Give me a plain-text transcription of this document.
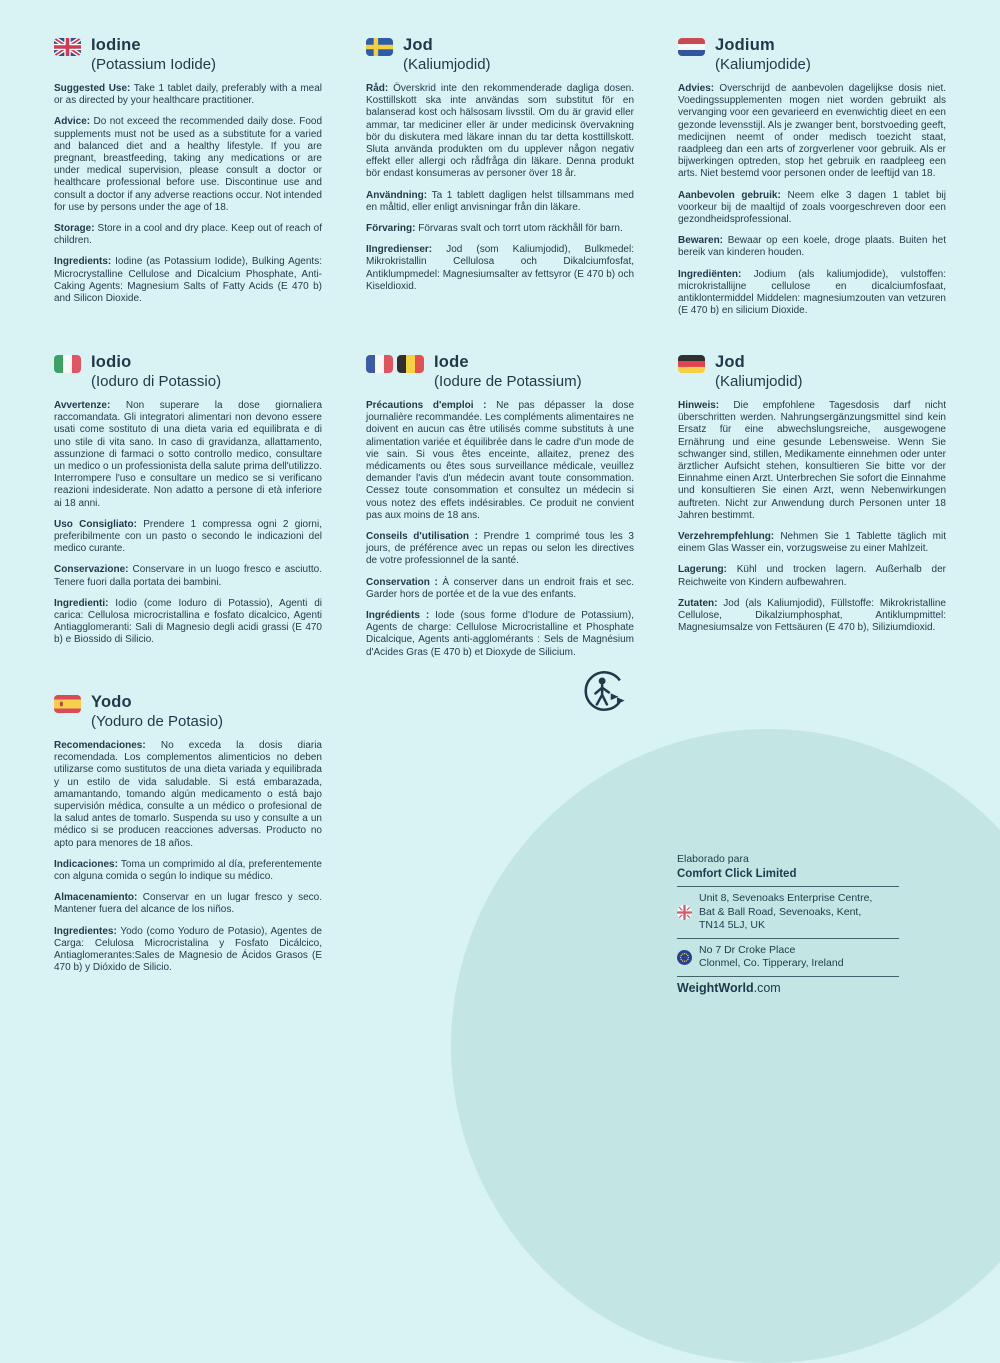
Iodine
(Potassium Iodide)

Suggested Use: Take 1 tablet daily, preferably with a meal or as directed by your healthcare practitioner.

Advice: Do not exceed the recommended daily dose. Food supplements must not be used as a substitute for a varied and balanced diet and a healthy lifestyle. If you are pregnant, breastfeeding, taking any medications or are under medical supervision, please consult a doctor or healthcare professional before use. Discontinue use and consult a doctor if any adverse reactions occur. Not intended for use by persons under the age of 18.

Storage: Store in a cool and dry place. Keep out of reach of children.

Ingredients: Iodine (as Potassium Iodide), Bulking Agents: Microcrystalline Cellulose and Dicalcium Phosphate, Anti-Caking Agents: Magnesium Salts of Fatty Acids (E 470 b) and Silicon Dioxide.

Jod
(Kaliumjodid)

Råd: Överskrid inte den rekommenderade dagliga dosen. Kosttillskott ska inte användas som substitut för en balanserad kost och hälsosam livsstil. Om du är gravid eller ammar, tar mediciner eller är under medicinsk övervakning bör du diskutera med läkare innan du tar detta kosttillskott. Sluta använda produkten om du upplever någon negativ effekt eller allergi och rådfråga din läkare. Denna produkt bör endast konsumeras av personer över 18 år.

Användning: Ta 1 tablett dagligen helst tillsammans med en måltid, eller enligt anvisningar från din läkare.

Förvaring: Förvaras svalt och torrt utom räckhåll för barn.

IIngredienser: Jod (som Kaliumjodid), Bulkmedel: Mikrokristallin Cellulosa och Dikalciumfosfat, Antiklumpmedel: Magnesiumsalter av fettsyror (E 470 b) och Kiseldioxid.

Jodium
(Kaliumjodide)

Advies: Overschrijd de aanbevolen dagelijkse dosis niet. Voedingssupplementen mogen niet worden gebruikt als vervanging voor een gevarieerd en evenwichtig dieet en een gezonde levensstijl. Als je zwanger bent, borstvoeding geeft, medicijnen neemt of onder medisch toezicht staat, raadpleeg dan een arts of zorgverlener voor gebruik. Als er bijwerkingen optreden, stop het gebruik en raadpleeg een arts. Niet bestemd voor personen onder de leeftijd van 18.

Aanbevolen gebruik: Neem elke 3 dagen 1 tablet bij voorkeur bij de maaltijd of zoals voorgeschreven door een gezondheidsprofessional.

Bewaren: Bewaar op een koele, droge plaats. Buiten het bereik van kinderen houden.

Ingrediënten: Jodium (als kaliumjodide), vulstoffen: microkristallijne cellulose en dicalciumfosfaat, antiklontermiddel Middelen: magnesiumzouten van vetzuren (E 470 b) en silicium Dioxide.

Iodio
(Ioduro di Potassio)

Avvertenze: Non superare la dose giornaliera raccomandata. Gli integratori alimentari non devono essere usati come sostituto di una dieta varia ed equilibrata e di uno stile di vita sano. In caso di gravidanza, allattamento, assunzione di farmaci o sotto controllo medico, consultare un medico o un professionista della salute prima dell'utilizzo. Interrompere l'uso e consultare un medico se si verificano reazioni indesiderate. Non adatto a persone di età inferiore ai 18 anni.

Uso Consigliato: Prendere 1 compressa ogni 2 giorni, preferibilmente con un pasto o secondo le indicazioni del medico curante.

Conservazione: Conservare in un luogo fresco e asciutto. Tenere fuori dalla portata dei bambini.

Ingredienti: Iodio (come Ioduro di Potassio), Agenti di carica: Cellulosa microcristallina e fosfato dicalcico, Agenti Antiagglomeranti: Sali di Magnesio degli acidi grassi (E 470 b) e Biossido di Silicio.

Iode
(Iodure de Potassium)

Précautions d'emploi : Ne pas dépasser la dose journalière recommandée. Les compléments alimentaires ne doivent en aucun cas être utilisés comme substituts à une alimentation variée et équilibrée dans le cadre d'un mode de vie sain. Si vous êtes enceinte, allaitez, prenez des médicaments ou êtes sous surveillance médicale, veuillez demander l'avis d'un médecin avant toute consommation. Cessez toute consommation et consultez un médecin si vous notez des effets indésirables. Ce produit ne convient pas aux moins de 18 ans.

Conseils d'utilisation : Prendre 1 comprimé tous les 3 jours, de préférence avec un repas ou selon les directives de votre professionnel de la santé.

Conservation : À conserver dans un endroit frais et sec. Garder hors de portée et de la vue des enfants.

Ingrédients : Iode (sous forme d'Iodure de Potassium), Agents de charge: Cellulose Microcristalline et Phosphate Dicalcique, Agents anti-agglomérants : Sels de Magnésium d'Acides Gras (E 470 b) et Dioxyde de Silicium.

Jod
(Kaliumjodid)

Hinweis: Die empfohlene Tagesdosis darf nicht überschritten werden. Nahrungsergänzungsmittel sind kein Ersatz für eine abwechslungsreiche, ausgewogene Ernährung und eine gesunde Lebensweise. Wenn Sie schwanger sind, stillen, Medikamente einnehmen oder unter ärztlicher Aufsicht stehen, konsultieren Sie bitte vor der Einnahme einen Arzt. Unterbrechen Sie sofort die Einnahme und konsultieren Sie einen Arzt, wenn Nebenwirkungen auftreten. Nicht zur Anwendung durch Personen unter 18 Jahren bestimmt.

Verzehrempfehlung: Nehmen Sie 1 Tablette täglich mit einem Glas Wasser ein, vorzugsweise zu einer Mahlzeit.

Lagerung: Kühl und trocken lagern. Außerhalb der Reichweite von Kindern aufbewahren.

Zutaten: Jod (als Kaliumjodid), Füllstoffe: Mikrokristalline Cellulose, Dikalziumphosphat, Antiklumpmittel: Magnesiumsalze von Fettsäuren (E 470 b), Siliziumdioxid.

Yodo
(Yoduro de Potasio)

Recomendaciones: No exceda la dosis diaria recomendada. Los complementos alimenticios no deben utilizarse como sustitutos de una dieta variada y equilibrada y un estilo de vida saludable. Si está embarazada, amamantando, tomando algún medicamento o está bajo supervisión médica, consulte a un médico o profesional de la salud antes de tomarlo. Suspenda su uso y consulte a un médico si se producen reacciones adversas. Producto no apto para menores de 18 años.

Indicaciones: Toma un comprimido al día, preferentemente con alguna comida o según lo indique su médico.

Almacenamiento: Conservar en un lugar fresco y seco. Mantener fuera del alcance de los niños.

Ingredientes: Yodo (como Yoduro de Potasio), Agentes de Carga: Celulosa Microcristalina y Fosfato Dicálcico, Antiaglomerantes:Sales de Magnesio de Ácidos Grasos (E 470 b) y Dióxido de Silicio.

Elaborado para
Comfort Click Limited
Unit 8, Sevenoaks Enterprise Centre,
Bat & Ball Road, Sevenoaks, Kent,
TN14 5LJ, UK
No 7 Dr Croke Place
Clonmel, Co. Tipperary, Ireland
WeightWorld.com
